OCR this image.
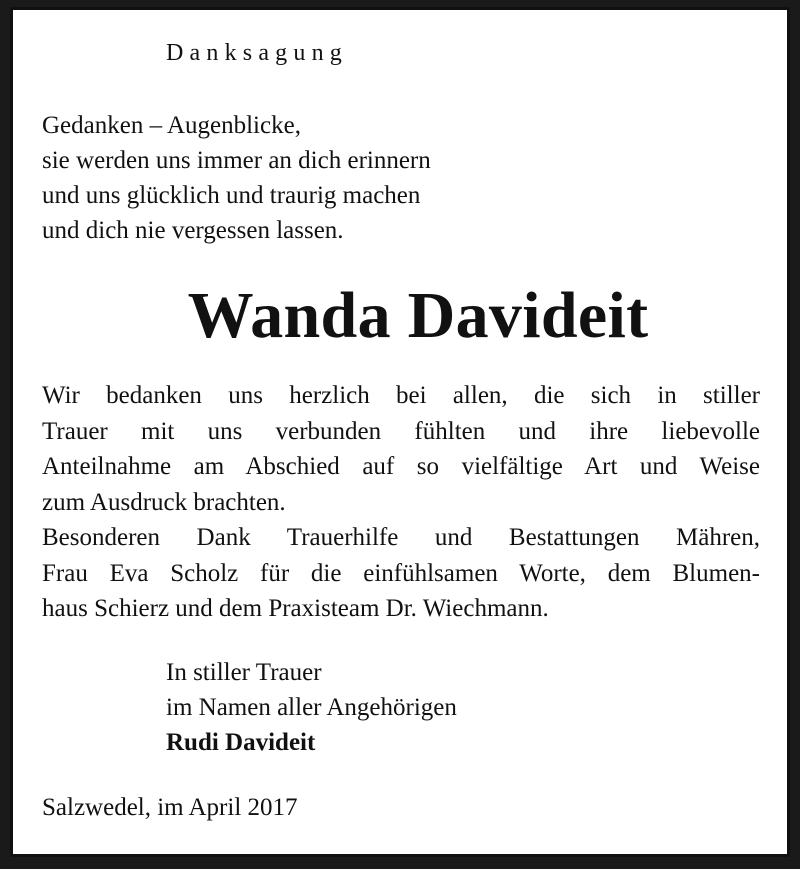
Danksagung

Gedanken – Augenblicke,
sie werden uns immer an dich erinnern
und uns glücklich und traurig machen
und dich nie vergessen lassen.

Wanda Davideit

Wir bedanken uns herzlich bei allen, die sich in stiller
Trauer mit uns verbunden fühlten und ihre liebevolle
Anteilnahme am Abschied auf so vielfältige Art und Weise
zum Ausdruck brachten.
Besonderen Dank Trauerhilfe und Bestattungen Mähren,
Frau Eva Scholz für die einfühlsamen Worte, dem Blumen-
haus Schierz und dem Praxisteam Dr. Wiechmann.

In stiller Trauer
im Namen aller Angehörigen
Rudi Davideit

Salzwedel, im April 2017
